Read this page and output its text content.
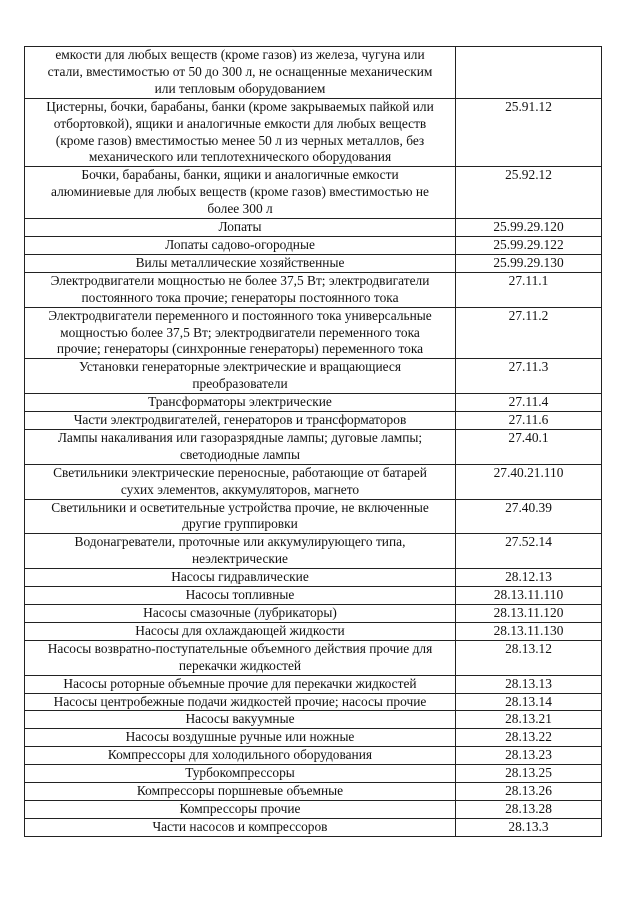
емкости для любых веществ (кроме газов) из железа, чугуна или
стали, вместимостью от 50 до 300 л, не оснащенные механическим
или тепловым оборудованием	

Цистерны, бочки, барабаны, банки (кроме закрываемых пайкой или
отбортовкой), ящики и аналогичные емкости для любых веществ
(кроме газов) вместимостью менее 50 л из черных металлов, без
механического или теплотехнического оборудования	25.91.12

Бочки, барабаны, банки, ящики и аналогичные емкости
алюминиевые для любых веществ (кроме газов) вместимостью не
более 300 л	25.92.12

Лопаты	25.99.29.120

Лопаты садово-огородные	25.99.29.122

Вилы металлические хозяйственные	25.99.29.130

Электродвигатели мощностью не более 37,5 Вт; электродвигатели
постоянного тока прочие; генераторы постоянного тока	27.11.1

Электродвигатели переменного и постоянного тока универсальные
мощностью более 37,5 Вт; электродвигатели переменного тока
прочие; генераторы (синхронные генераторы) переменного тока	27.11.2

Установки генераторные электрические и вращающиеся
преобразователи	27.11.3

Трансформаторы электрические	27.11.4

Части электродвигателей, генераторов и трансформаторов	27.11.6

Лампы накаливания или газоразрядные лампы; дуговые лампы;
светодиодные лампы	27.40.1

Светильники электрические переносные, работающие от батарей
сухих элементов, аккумуляторов, магнето	27.40.21.110

Светильники и осветительные устройства прочие, не включенные
другие группировки	27.40.39

Водонагреватели, проточные или аккумулирующего типа,
неэлектрические	27.52.14

Насосы гидравлические	28.12.13

Насосы топливные	28.13.11.110

Насосы смазочные (лубрикаторы)	28.13.11.120

Насосы для охлаждающей жидкости	28.13.11.130

Насосы возвратно-поступательные объемного действия прочие для
перекачки жидкостей	28.13.12

Насосы роторные объемные прочие для перекачки жидкостей	28.13.13

Насосы центробежные подачи жидкостей прочие; насосы прочие	28.13.14

Насосы вакуумные	28.13.21

Насосы воздушные ручные или ножные	28.13.22

Компрессоры для холодильного оборудования	28.13.23

Турбокомпрессоры	28.13.25

Компрессоры поршневые объемные	28.13.26

Компрессоры прочие	28.13.28

Части насосов и компрессоров	28.13.3
